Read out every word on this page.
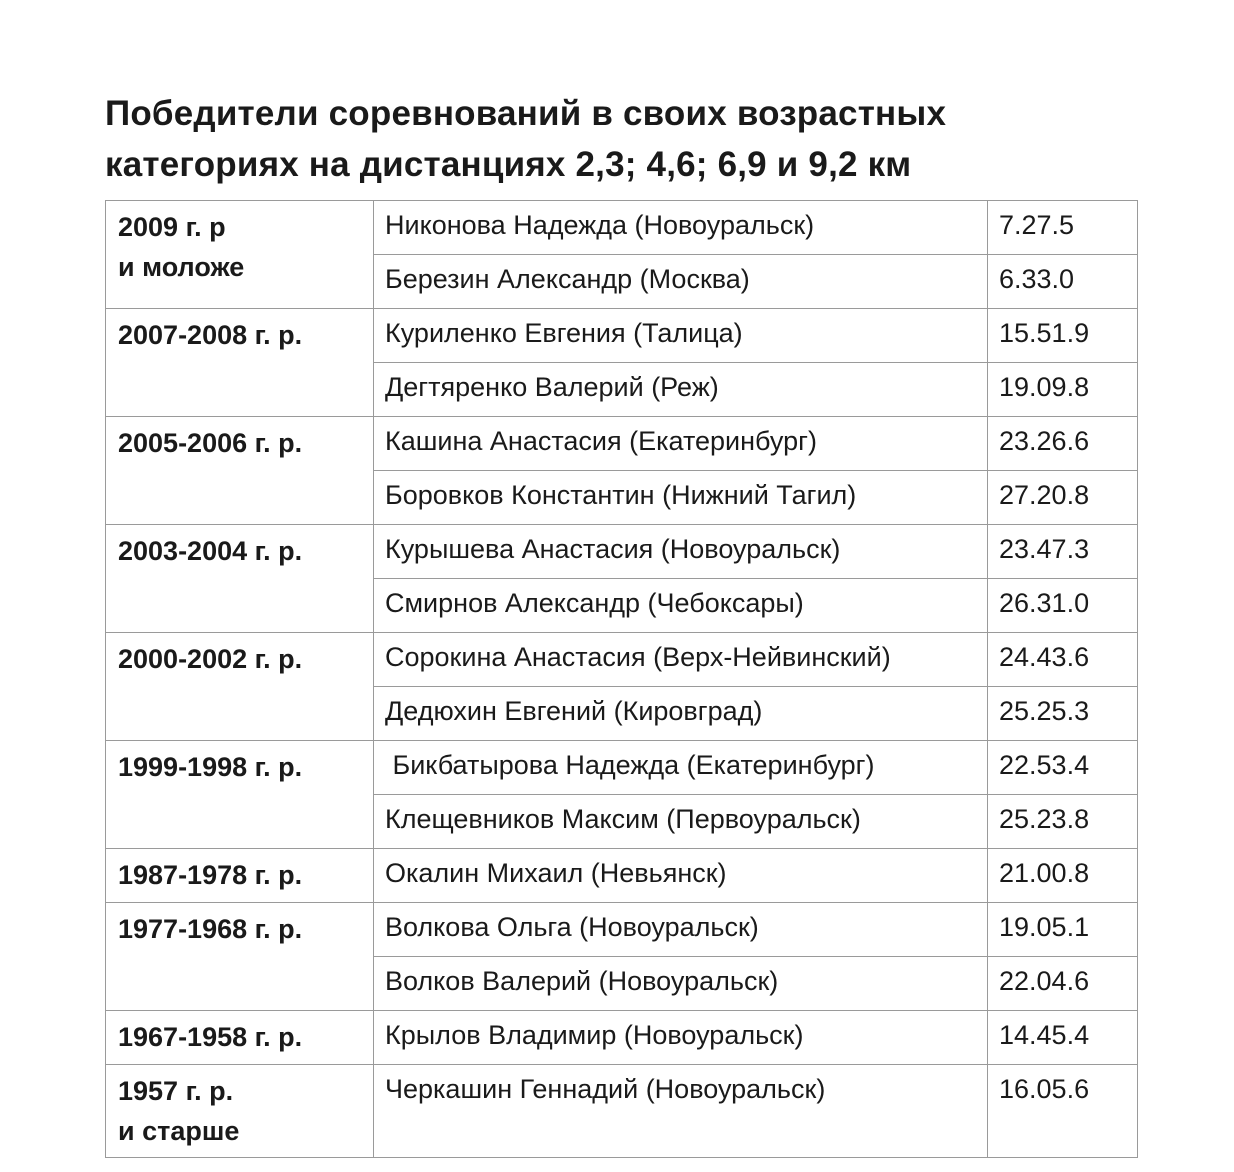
Победители соревнований в своих возрастных
категориях на дистанциях 2,3; 4,6; 6,9 и 9,2 км
2009 г. р
и моложе	Никонова Надежда (Новоуральск)	7.27.5
	Березин Александр (Москва)	6.33.0

2007-2008 г. р.	Куриленко Евгения (Талица)	15.51.9
	Дегтяренко Валерий (Реж)	19.09.8

2005-2006 г. р.	Кашина Анастасия (Екатеринбург)	23.26.6
	Боровков Константин (Нижний Тагил)	27.20.8

2003-2004 г. р.	Курышева Анастасия (Новоуральск)	23.47.3
	Смирнов Александр (Чебоксары)	26.31.0

2000-2002 г. р.	Сорокина Анастасия (Верх-Нейвинский)	24.43.6
	Дедюхин Евгений (Кировград)	25.25.3

1999-1998 г. р.	Бикбатырова Надежда (Екатеринбург)	22.53.4
	Клещевников Максим (Первоуральск)	25.23.8

1987-1978 г. р.	Окалин Михаил (Невьянск)	21.00.8

1977-1968 г. р.	Волкова Ольга (Новоуральск)	19.05.1
	Волков Валерий (Новоуральск)	22.04.6

1967-1958 г. р.	Крылов Владимир (Новоуральск)	14.45.4

1957 г. р.
и старше	Черкашин Геннадий (Новоуральск)	16.05.6
